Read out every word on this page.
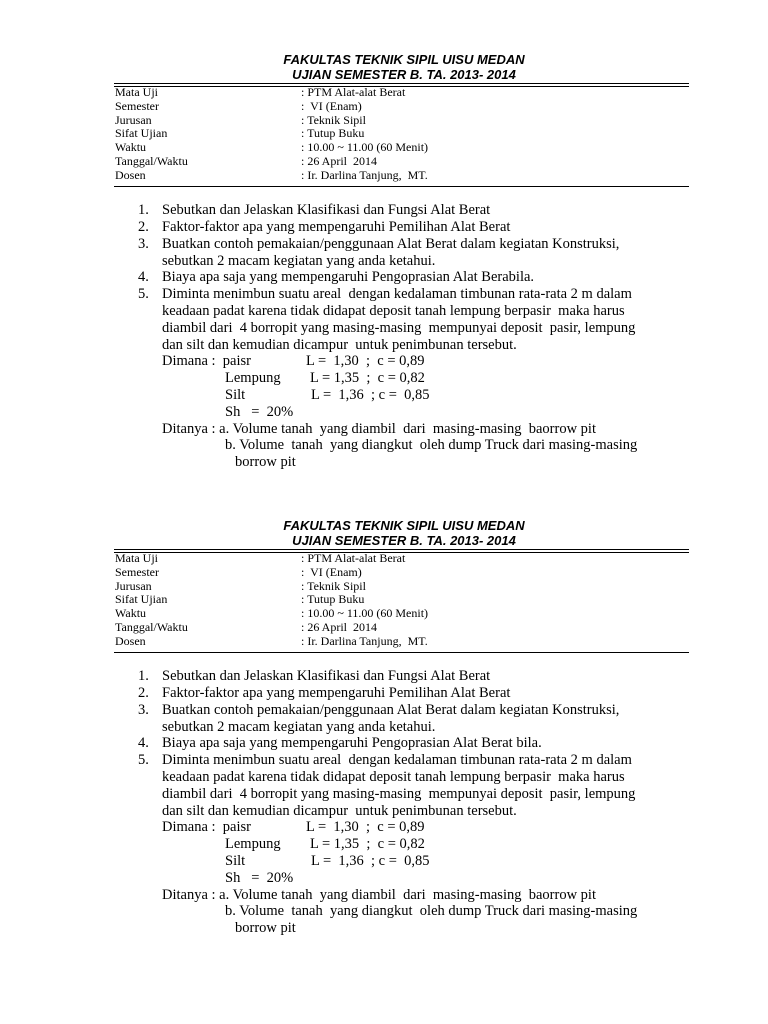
FAKULTAS TEKNIK SIPIL UISU MEDAN
UJIAN SEMESTER B. TA. 2013- 2014
Mata Uji	: PTM Alat-alat Berat
Semester	:  VI (Enam)
Jurusan	: Teknik Sipil
Sifat Ujian	: Tutup Buku
Waktu	: 10.00 ~ 11.00 (60 Menit)
Tanggal/Waktu	: 26 April  2014
Dosen	: Ir. Darlina Tanjung,  MT.
1. Sebutkan dan Jelaskan Klasifikasi dan Fungsi Alat Berat
2. Faktor-faktor apa yang mempengaruhi Pemilihan Alat Berat
3. Buatkan contoh pemakaian/penggunaan Alat Berat dalam kegiatan Konstruksi,
sebutkan 2 macam kegiatan yang anda ketahui.
4. Biaya apa saja yang mempengaruhi Pengoprasian Alat Berabila.
5. Diminta menimbun suatu areal  dengan kedalaman timbunan rata-rata 2 m dalam
keadaan padat karena tidak didapat deposit tanah lempung berpasir  maka harus
diambil dari  4 borropit yang masing-masing  mempunyai deposit  pasir, lempung
dan silt dan kemudian dicampur  untuk penimbunan tersebut.
Dimana :  paisr	L =  1,30  ;  c = 0,89
Lempung L = 1,35  ;  c = 0,82
Silt	L =  1,36  ; c =  0,85
Sh   =  20%
Ditanya : a. Volume tanah  yang diambil  dari  masing-masing  baorrow pit
b. Volume  tanah  yang diangkut  oleh dump Truck dari masing-masing
borrow pit
FAKULTAS TEKNIK SIPIL UISU MEDAN
UJIAN SEMESTER B. TA. 2013- 2014
Mata Uji	: PTM Alat-alat Berat
Semester	:  VI (Enam)
Jurusan	: Teknik Sipil
Sifat Ujian	: Tutup Buku
Waktu	: 10.00 ~ 11.00 (60 Menit)
Tanggal/Waktu	: 26 April  2014
Dosen	: Ir. Darlina Tanjung,  MT.
1. Sebutkan dan Jelaskan Klasifikasi dan Fungsi Alat Berat
2. Faktor-faktor apa yang mempengaruhi Pemilihan Alat Berat
3. Buatkan contoh pemakaian/penggunaan Alat Berat dalam kegiatan Konstruksi,
sebutkan 2 macam kegiatan yang anda ketahui.
4. Biaya apa saja yang mempengaruhi Pengoprasian Alat Berat bila.
5. Diminta menimbun suatu areal  dengan kedalaman timbunan rata-rata 2 m dalam
keadaan padat karena tidak didapat deposit tanah lempung berpasir  maka harus
diambil dari  4 borropit yang masing-masing  mempunyai deposit  pasir, lempung
dan silt dan kemudian dicampur  untuk penimbunan tersebut.
Dimana :  paisr	L =  1,30  ;  c = 0,89
Lempung L = 1,35  ;  c = 0,82
Silt	L =  1,36  ; c =  0,85
Sh   =  20%
Ditanya : a. Volume tanah  yang diambil  dari  masing-masing  baorrow pit
b. Volume  tanah  yang diangkut  oleh dump Truck dari masing-masing
borrow pit
